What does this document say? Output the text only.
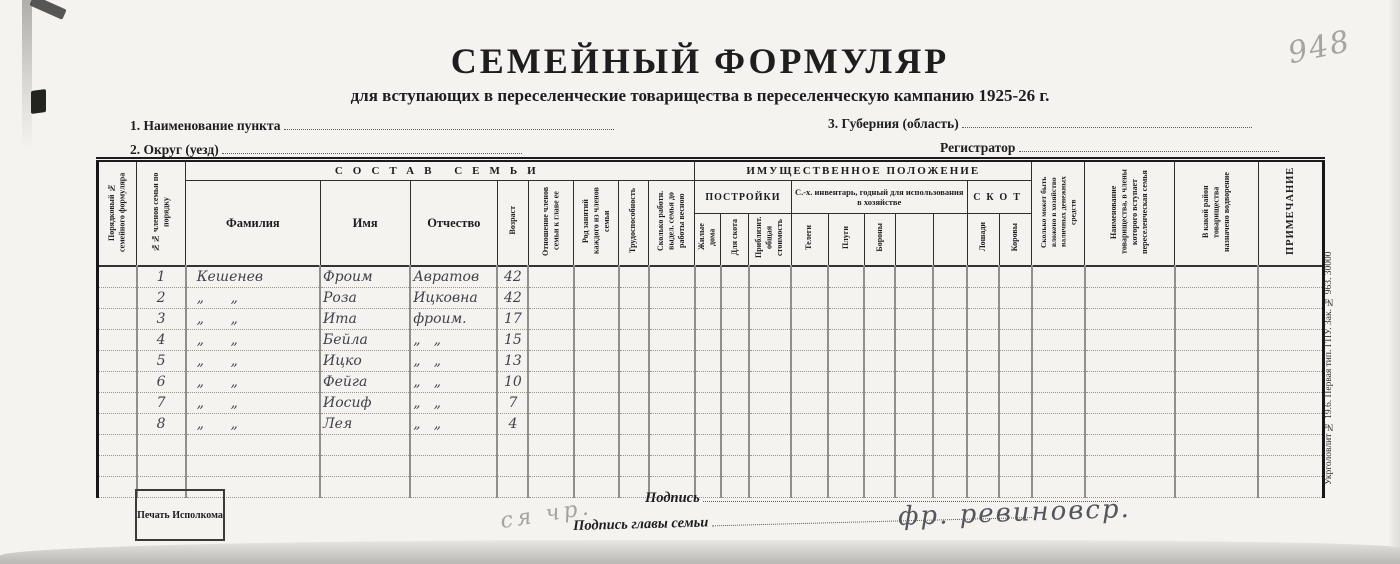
948
СЕМЕЙНЫЙ ФОРМУЛЯР
для вступающих в переселенческие товарищества в переселенческую кампанию 1925-26 г.
1. Наименование пункта	3. Губерния (область)
2. Округ (уезд)	Регистратор
Порядковый № семейного формуляра	№№ членов семьи по порядку	СОСТАВ СЕМЬИ								ИМУЩЕСТВЕННОЕ ПОЛОЖЕНИЕ										Сколько может быть вложено в хозяйство наличных денежных средств	Наименование товарищества, в члены которого вступает переселенческая семья	В какой район товарищества назначено водворение	ПРИМЕЧАНИЕ
		Фамилия	Имя	Отчество	Возраст	Отношение членов семьи к главе ее	Род занятий каждого из членов семьи	Трудоспособность	Сколько работн. выдел. семья до работы весною	ПОСТРОЙКИ			С.-х. инвентарь, годный для использования в хозяйстве					СКОТ					
										Жилые дома	Для скота	Приблизит. общая стоимость	Телеги	Плуги	Бороны			Лошади	Коровы				
	1	Кешенев	Фроим	Авратов	42																		
	2	„      „	Роза	Ицковна	42																		
	3	„      „	Ита	фроим.	17																		
	4	„      „	Бейла	„   „	15																		
	5	„      „	Ицко	„   „	13																		
	6	„      „	Фейга	„   „	10																		
	7	„      „	Иосиф	„   „	7																		
	8	„      „	Лея	„   „	4																		

Печать Исполкома
Подпись
Подпись главы семьи	фр. ревиновср.
ся чр.
Укрголовлит № 19.6. Первая тип. ГПУ. Зак. № 963. 30000
